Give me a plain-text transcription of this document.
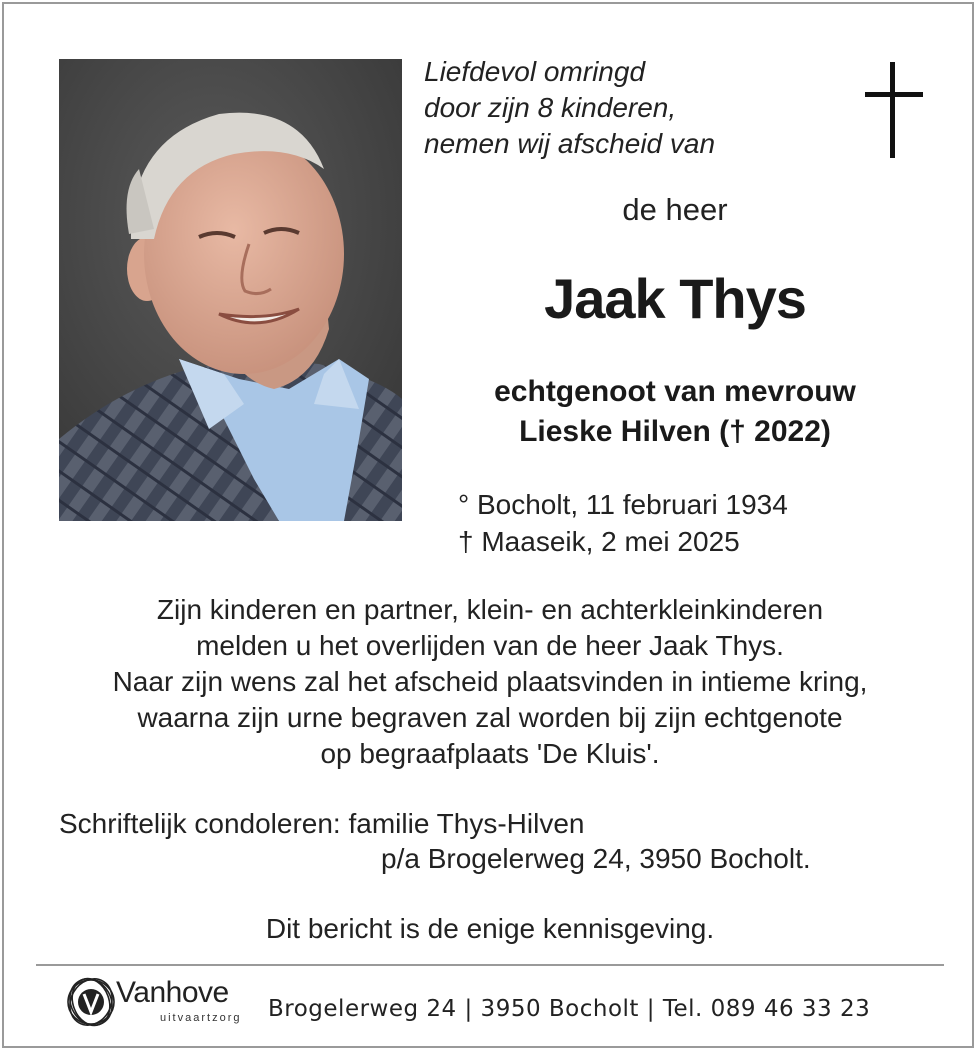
Liefdevol omringd
door zijn 8 kinderen,
nemen wij afscheid van
de heer
Jaak Thys
echtgenoot van mevrouw
Lieske Hilven († 2022)
° Bocholt, 11 februari 1934
† Maaseik, 2 mei 2025
Zijn kinderen en partner, klein- en achterkleinkinderen
melden u het overlijden van de heer Jaak Thys.
Naar zijn wens zal het afscheid plaatsvinden in intieme kring,
waarna zijn urne begraven zal worden bij zijn echtgenote
op begraafplaats 'De Kluis'.
Schriftelijk condoleren: familie Thys-Hilven
p/a Brogelerweg 24, 3950 Bocholt.
Dit bericht is de enige kennisgeving.
Vanhove
uitvaartzorg Brogelerweg 24 | 3950 Bocholt | Tel. 089 46 33 23
